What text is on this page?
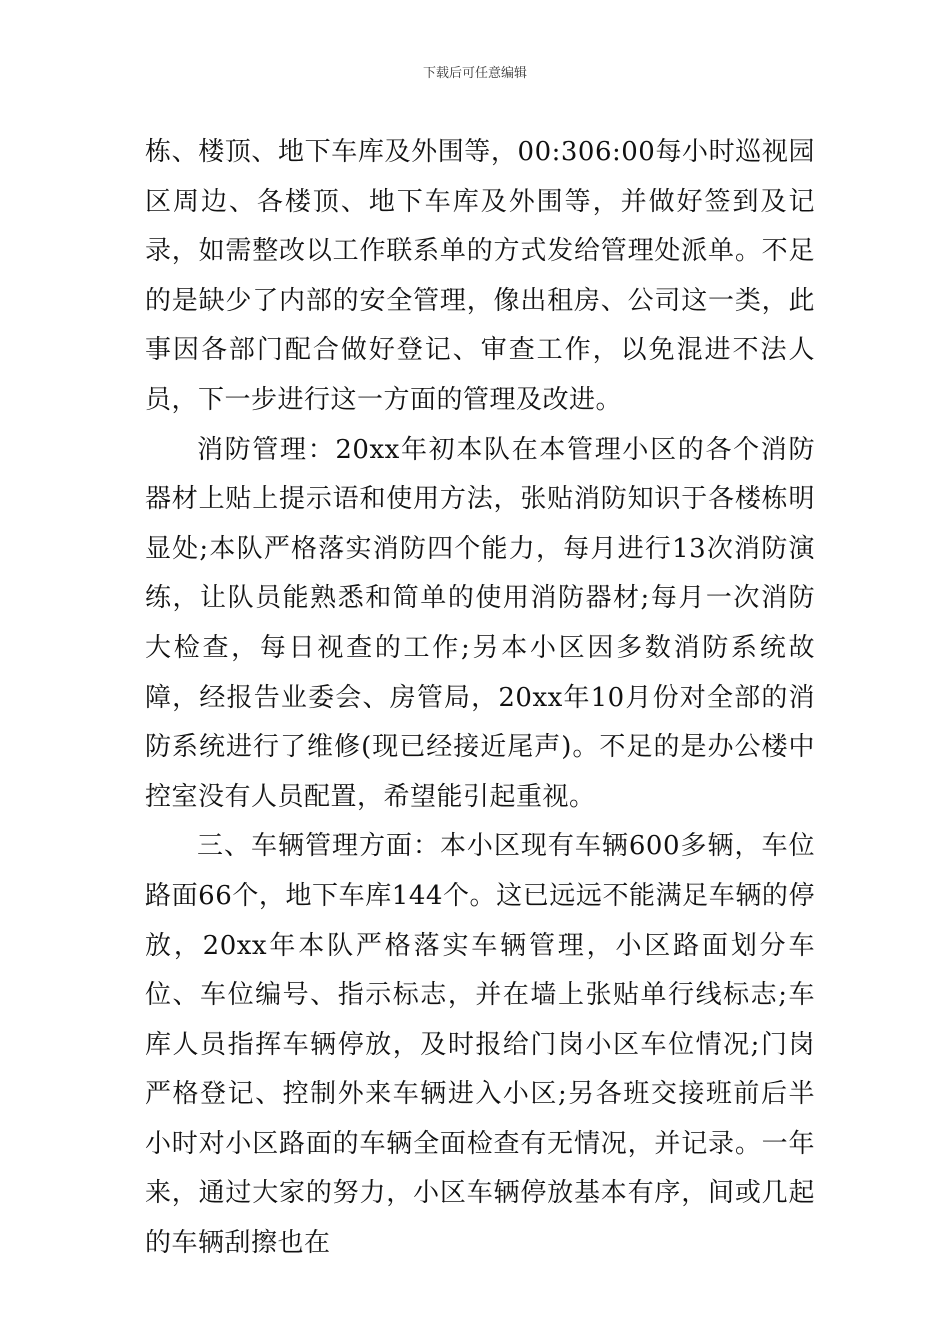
下载后可任意编辑

栋、楼顶、地下车库及外围等，00:306:00每小时巡视园区周边、各楼顶、地下车库及外围等，并做好签到及记录，如需整改以工作联系单的方式发给管理处派单。不足的是缺少了内部的安全管理，像出租房、公司这一类，此事因各部门配合做好登记、审查工作，以免混进不法人员，下一步进行这一方面的管理及改进。

消防管理：20xx年初本队在本管理小区的各个消防器材上贴上提示语和使用方法，张贴消防知识于各楼栋明显处;本队严格落实消防四个能力，每月进行13次消防演练，让队员能熟悉和简单的使用消防器材;每月一次消防大检查，每日视查的工作;另本小区因多数消防系统故障，经报告业委会、房管局，20xx年10月份对全部的消防系统进行了维修(现已经接近尾声)。不足的是办公楼中控室没有人员配置，希望能引起重视。

三、车辆管理方面：本小区现有车辆600多辆，车位路面66个，地下车库144个。这已远远不能满足车辆的停放，20xx年本队严格落实车辆管理，小区路面划分车位、车位编号、指示标志，并在墙上张贴单行线标志;车库人员指挥车辆停放，及时报给门岗小区车位情况;门岗严格登记、控制外来车辆进入小区;另各班交接班前后半小时对小区路面的车辆全面检查有无情况，并记录。一年来，通过大家的努力，小区车辆停放基本有序，间或几起的车辆刮擦也在
